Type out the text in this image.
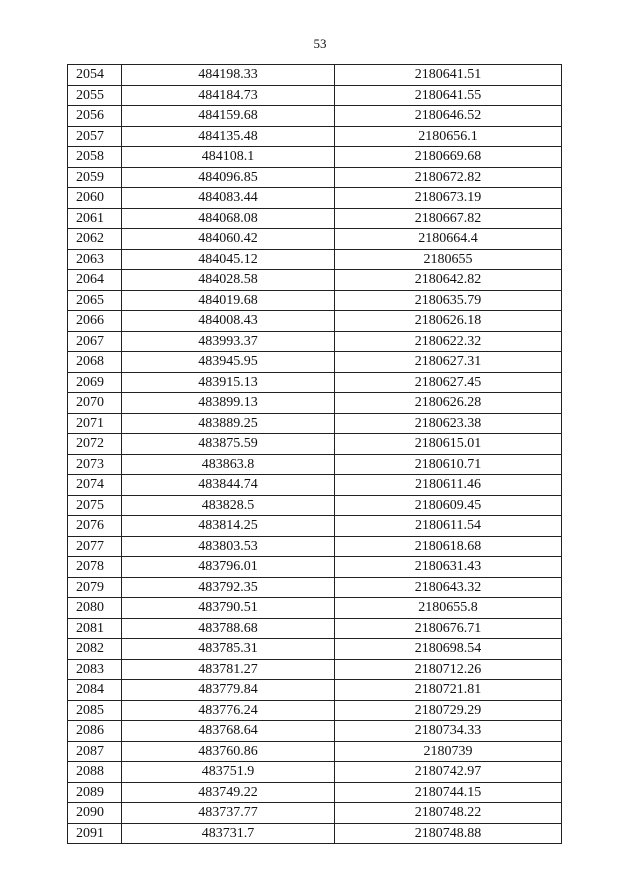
53
2054	484198.33	2180641.51
2055	484184.73	2180641.55
2056	484159.68	2180646.52
2057	484135.48	2180656.1
2058	484108.1	2180669.68
2059	484096.85	2180672.82
2060	484083.44	2180673.19
2061	484068.08	2180667.82
2062	484060.42	2180664.4
2063	484045.12	2180655
2064	484028.58	2180642.82
2065	484019.68	2180635.79
2066	484008.43	2180626.18
2067	483993.37	2180622.32
2068	483945.95	2180627.31
2069	483915.13	2180627.45
2070	483899.13	2180626.28
2071	483889.25	2180623.38
2072	483875.59	2180615.01
2073	483863.8	2180610.71
2074	483844.74	2180611.46
2075	483828.5	2180609.45
2076	483814.25	2180611.54
2077	483803.53	2180618.68
2078	483796.01	2180631.43
2079	483792.35	2180643.32
2080	483790.51	2180655.8
2081	483788.68	2180676.71
2082	483785.31	2180698.54
2083	483781.27	2180712.26
2084	483779.84	2180721.81
2085	483776.24	2180729.29
2086	483768.64	2180734.33
2087	483760.86	2180739
2088	483751.9	2180742.97
2089	483749.22	2180744.15
2090	483737.77	2180748.22
2091	483731.7	2180748.88
